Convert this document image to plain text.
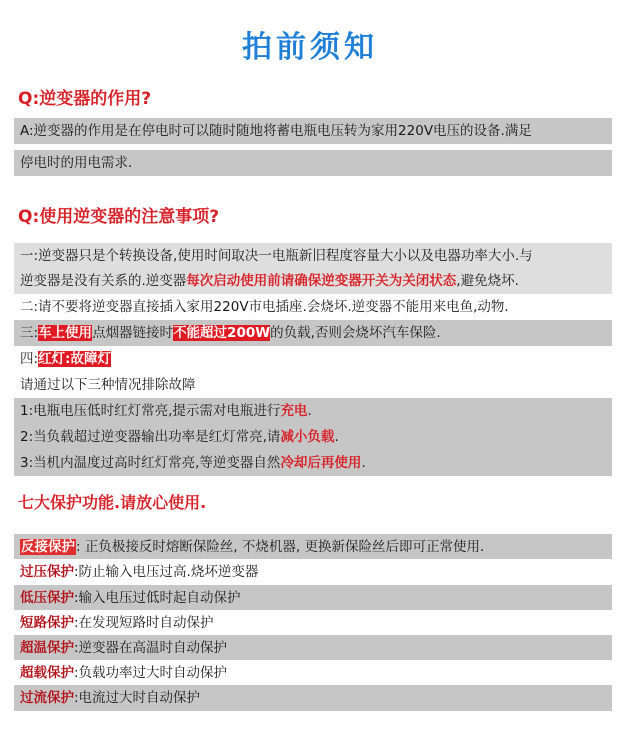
拍前须知
Q:逆变器的作用?
A:逆变器的作用是在停电时可以随时随地将蓄电瓶电压转为家用220V电压的设备.满足
停电时的用电需求.
Q:使用逆变器的注意事项?
一:逆变器只是个转换设备,使用时间取决一电瓶新旧程度容量大小以及电器功率大小.与
逆变器是没有关系的.逆变器每次启动使用前请确保逆变器开关为关闭状态,避免烧坏.
二:请不要将逆变器直接插入家用220V市电插座.会烧坏.逆变器不能用来电鱼,动物.
三:车上使用点烟器链接时不能超过200W的负载,否则会烧坏汽车保险.
四:红灯:故障灯
请通过以下三种情况排除故障
1:电瓶电压低时红灯常亮,提示需对电瓶进行充电.
2:当负载超过逆变器输出功率是红灯常亮,请减小负载.
3:当机内温度过高时红灯常亮,等逆变器自然冷却后再使用.
七大保护功能.请放心使用.
反接保护: 正负极接反时熔断保险丝, 不烧机器, 更换新保险丝后即可正常使用.
过压保护:防止输入电压过高.烧坏逆变器
低压保护:输入电压过低时起自动保护
短路保护:在发现短路时自动保护
超温保护:逆变器在高温时自动保护
超载保护:负载功率过大时自动保护
过流保护:电流过大时自动保护
